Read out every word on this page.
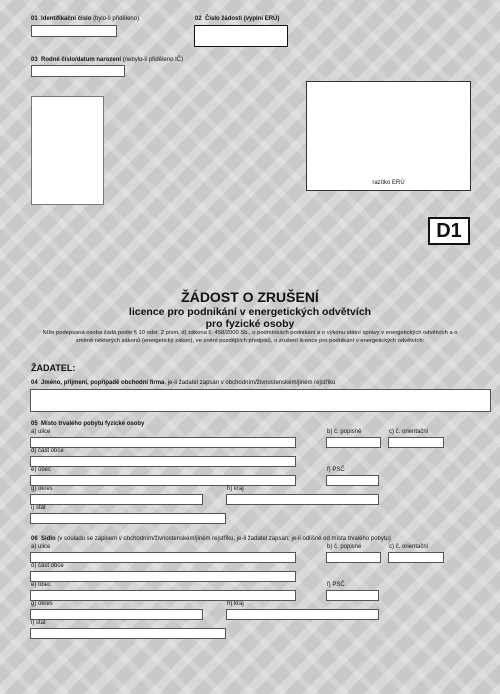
01 Identifikační číslo (bylo-li přiděleno)	02 Číslo žádosti (vyplní ERÚ)
03 Rodné číslo/datum narození (nebylo-li přiděleno IČ)
razítko ERÚ
D1
ŽÁDOST O ZRUŠENÍ
licence pro podnikání v energetických odvětvích
pro fyzické osoby
Níže podepsaná osoba žádá podle § 10 odst. 2 písm. d) zákona č. 458/2000 Sb., o podmínkách podnikání a o výkonu státní správy v energetických odvětvích a o změně některých zákonů (energetický zákon), ve znění pozdějších předpisů, o zrušení licence pro podnikání v energetických odvětvích:
ŽADATEL:
04 Jméno, příjmení, popřípadě obchodní firma, je-li žadatel zapsán v obchodním/živnostenském/jiném rejstříku
05 Místo trvalého pobytu fyzické osoby
a) ulice	b) č. popisné	c) č. orientační
d) část obce
e) obec	f) PSČ
g) okres	h) kraj
i) stát
06 Sídlo (v souladu se zápisem v obchodním/živnostenském/jiném rejstříku, je-li žadatel zapsán; je-li odlišné od místa trvalého pobytu)
a) ulice	b) č. popisné	c) č. orientační
d) část obce
e) obec	f) PSČ
g) okres	h) kraj
i) stát
